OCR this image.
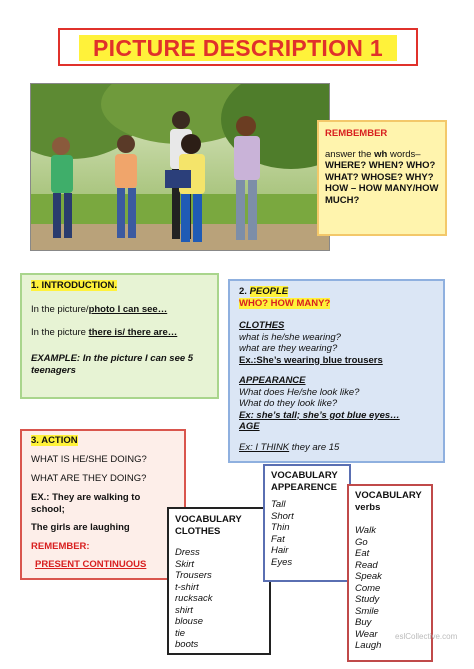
PICTURE DESCRIPTION 1
REMBEMBER
answer the wh words–
WHERE? WHEN? WHO? WHAT? WHOSE? WHY? HOW – HOW MANY/HOW MUCH?

1. INTRODUCTION.

In the picture/photo I can see…

In the picture there is/ there are…

EXAMPLE: In the picture I can see 5 teenagers

2. PEOPLE
WHO? HOW MANY?
CLOTHES
what is he/she wearing?
what are they wearing?
Ex.:She’s wearing blue trousers
APPEARANCE
What does He/she look like?
What do they look like?
Ex: she’s tall; she’s got blue eyes…
AGE
Ex: I THINK they are 15
3. ACTION
WHAT IS HE/SHE DOING?
WHAT ARE THEY DOING?
EX.: They are walking to school;
The girls are laughing
REMEMBER:
PRESENT CONTINUOUS
VOCABULARY CLOTHES
Dress
Skirt
Trousers
t-shirt
rucksack
shirt
blouse
tie
boots
VOCABULARY APPEARENCE
Tall
Short
Thin
Fat
Hair
Eyes
VOCABULARY verbs
Walk
Go
Eat
Read
Speak
Come
Study
Smile
Buy
Wear
Laugh
eslCollective.com
